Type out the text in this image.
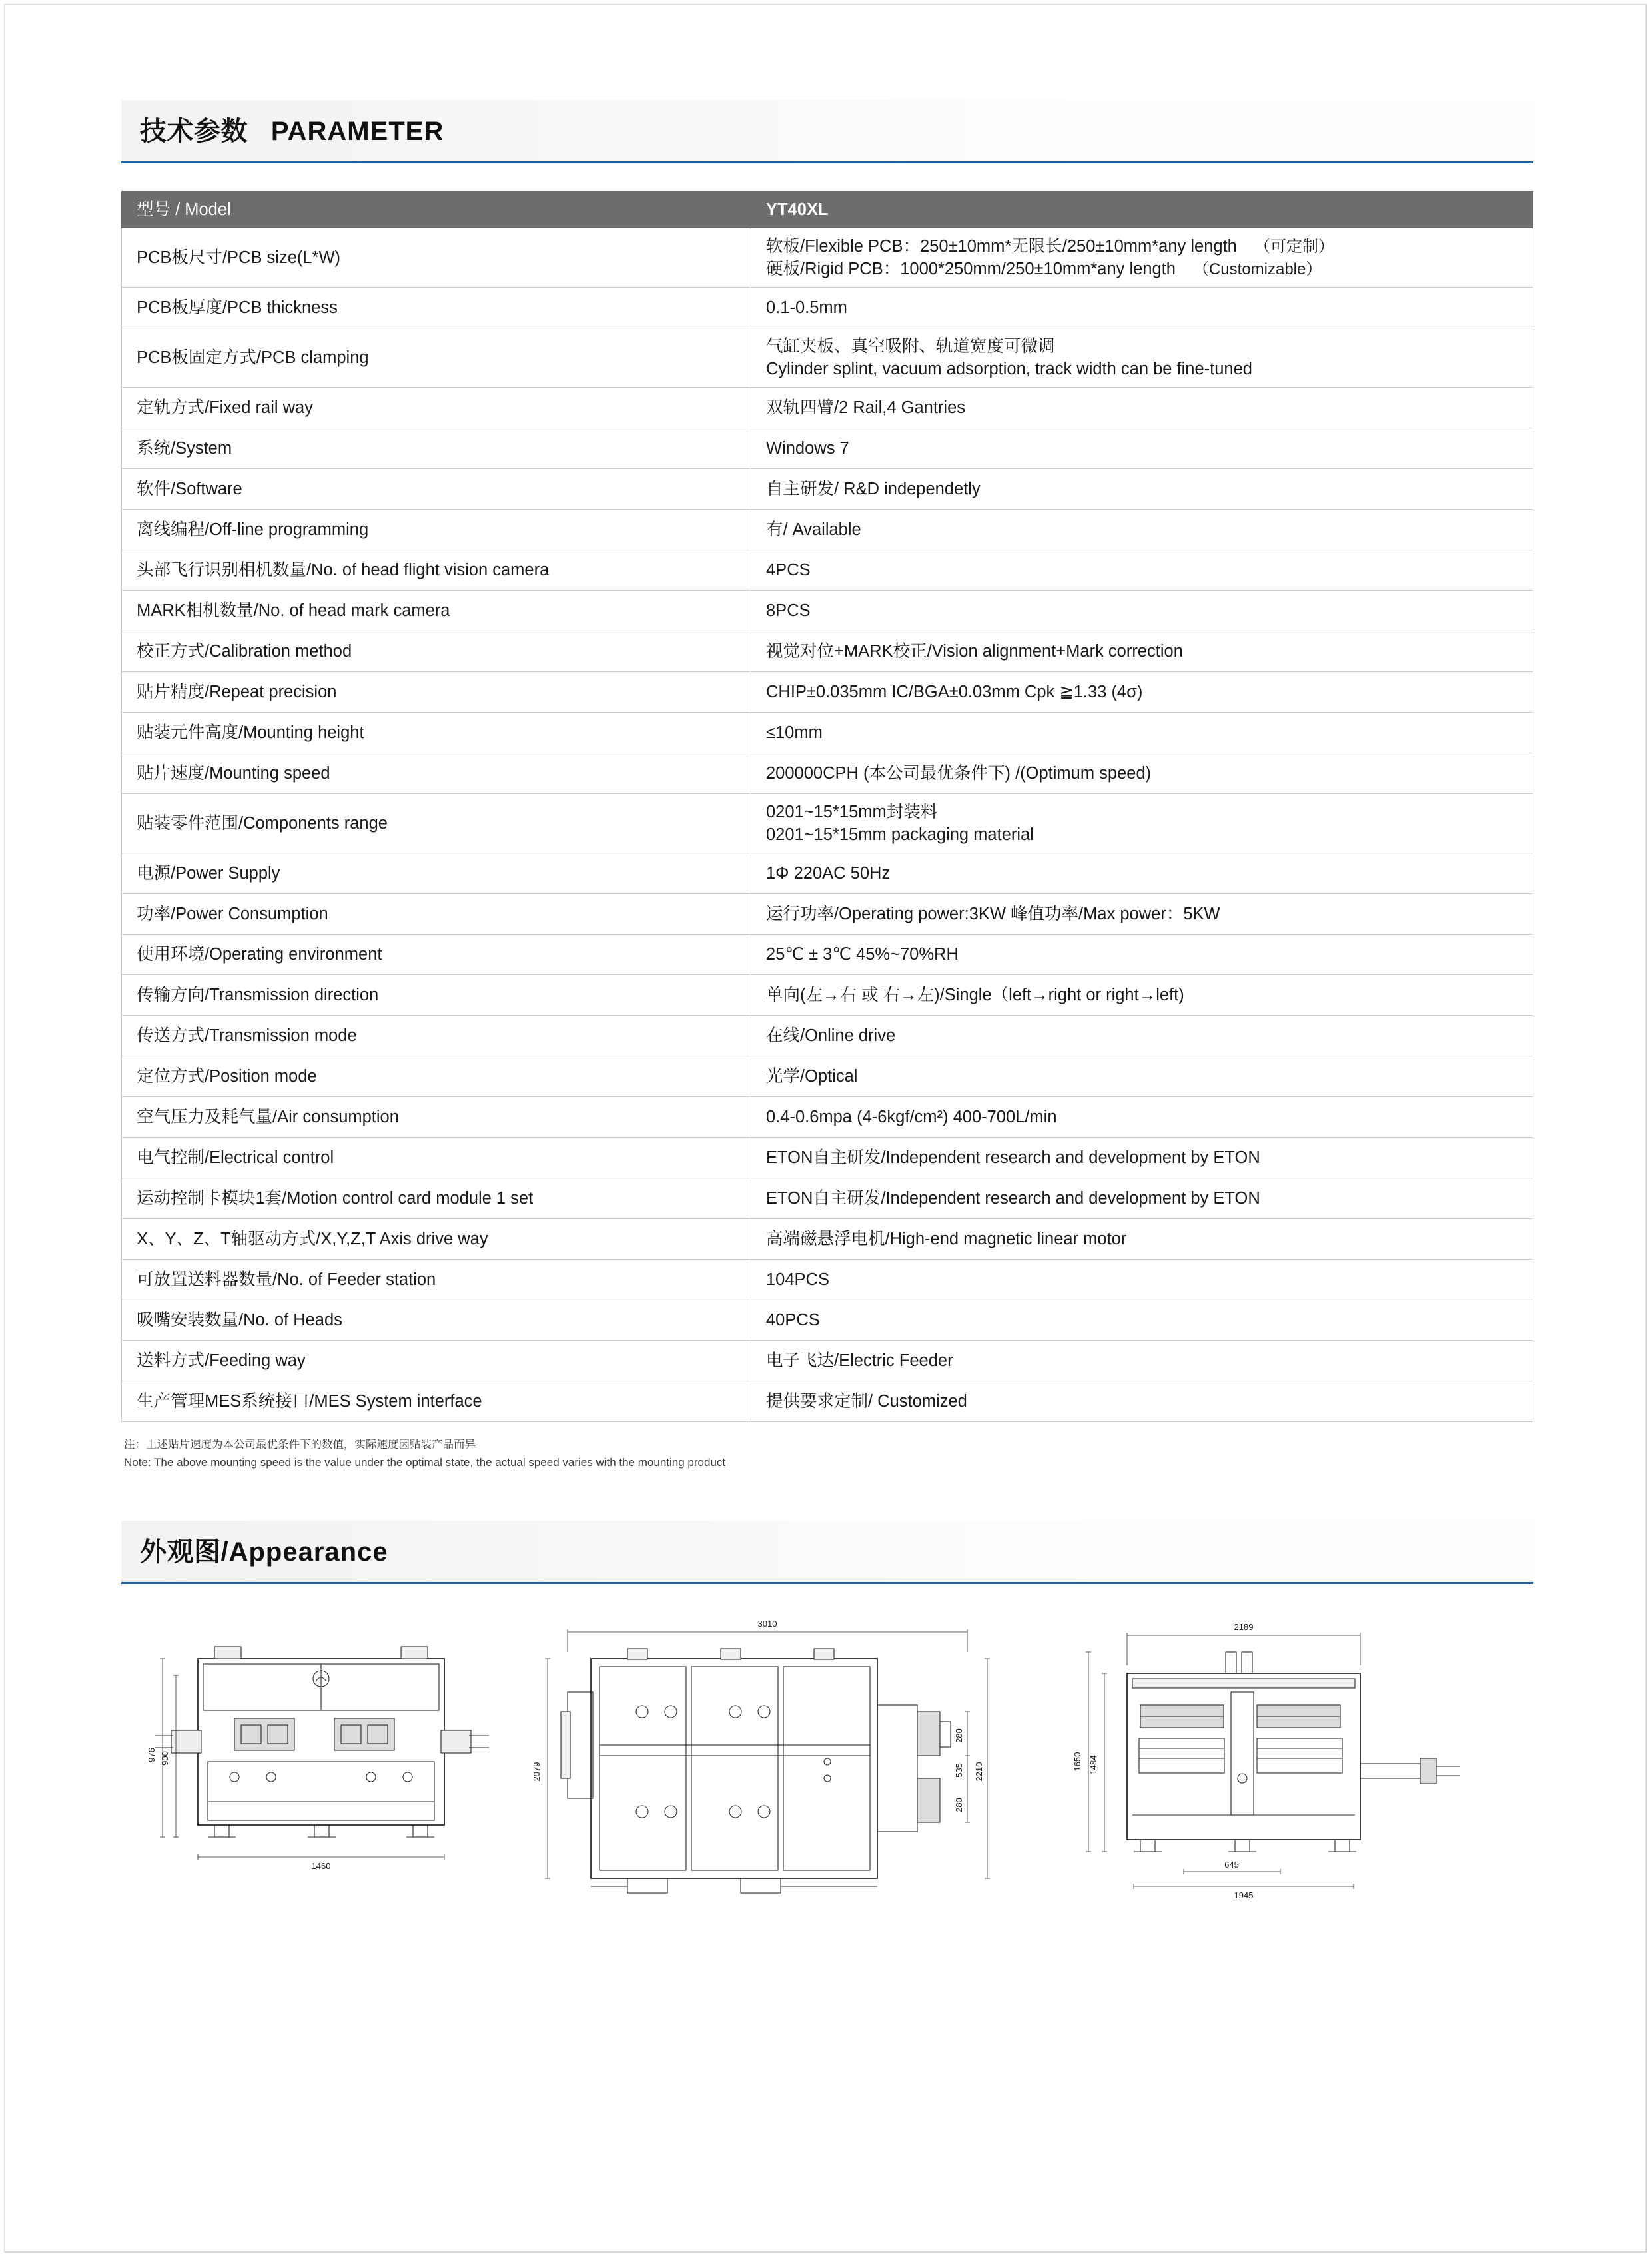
技术参数 PARAMETER
型号 / Model	YT40XL
PCB板尺寸/PCB size(L*W)	软板/Flexible PCB：250±10mm*无限长/250±10mm*any length （可定制）
硬板/Rigid PCB：1000*250mm/250±10mm*any length （Customizable）

PCB板厚度/PCB thickness	0.1-0.5mm
PCB板固定方式/PCB clamping	气缸夹板、真空吸附、轨道宽度可微调
Cylinder splint, vacuum adsorption, track width can be fine-tuned

定轨方式/Fixed rail way	双轨四臂/2 Rail,4 Gantries
系统/System	Windows 7
软件/Software	自主研发/ R&D independetly
离线编程/Off-line programming	有/ Available
头部飞行识别相机数量/No. of head flight vision camera	4PCS
MARK相机数量/No. of head mark camera	8PCS
校正方式/Calibration method	视觉对位+MARK校正/Vision alignment+Mark correction
贴片精度/Repeat precision	CHIP±0.035mm IC/BGA±0.03mm Cpk ≧1.33 (4σ)
贴装元件高度/Mounting height	≤10mm
贴片速度/Mounting speed	200000CPH (本公司最优条件下) /(Optimum speed)
贴装零件范围/Components range	0201~15*15mm封装料
0201~15*15mm packaging material

电源/Power Supply	1Φ 220AC 50Hz
功率/Power Consumption	运行功率/Operating power:3KW 峰值功率/Max power：5KW
使用环境/Operating environment	25℃ ± 3℃ 45%~70%RH
传输方向/Transmission direction	单向(左→右 或 右→左)/Single（left→right or right→left)
传送方式/Transmission mode	在线/Online drive
定位方式/Position mode	光学/Optical
空气压力及耗气量/Air consumption	0.4-0.6mpa (4-6kgf/cm²) 400-700L/min
电气控制/Electrical control	ETON自主研发/Independent research and development by ETON
运动控制卡模块1套/Motion control card module 1 set	ETON自主研发/Independent research and development by ETON
X、Y、Z、T轴驱动方式/X,Y,Z,T Axis drive way	高端磁悬浮电机/High-end magnetic linear motor
可放置送料器数量/No. of Feeder station	104PCS
吸嘴安装数量/No. of Heads	40PCS
送料方式/Feeding way	电子飞达/Electric Feeder
生产管理MES系统接口/MES System interface	提供要求定制/ Customized
注：上述贴片速度为本公司最优条件下的数值，实际速度因贴装产品而异
Note: The above mounting speed is the value under the optimal state, the actual speed varies with the mounting product
外观图/Appearance
976 900
1460
3010
2079
280
535
280
2210
2189
1650 1484
645
1945
